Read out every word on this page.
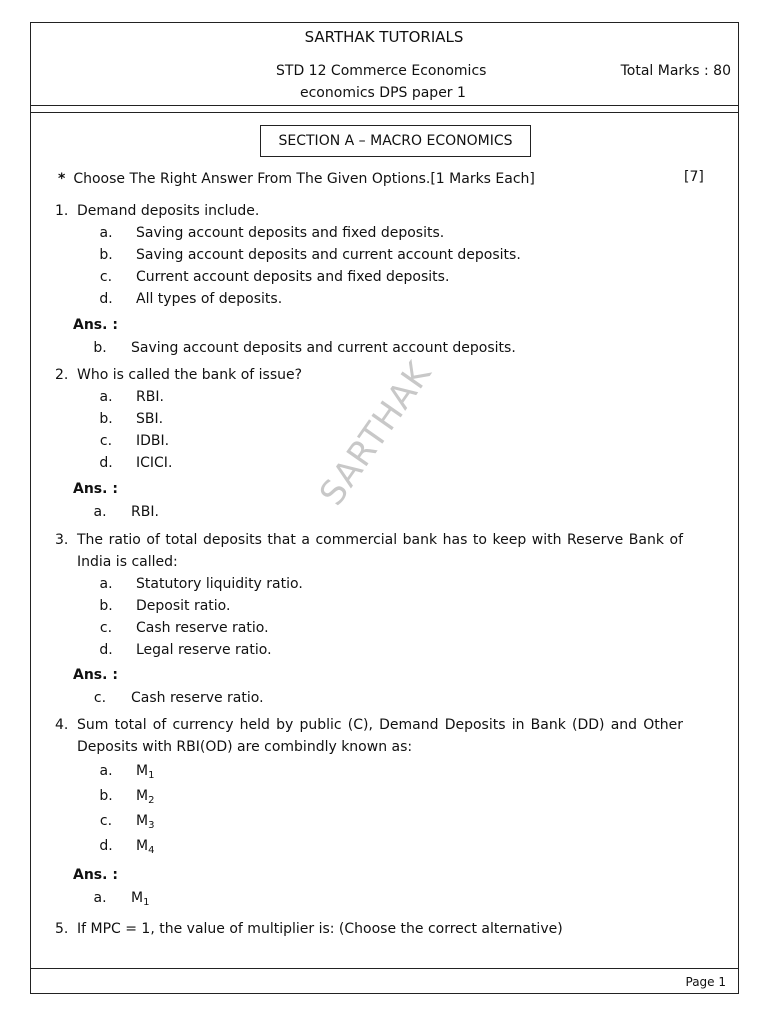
SARTHAK TUTORIALS
STD 12 Commerce Economics
economics DPS paper 1
Total Marks : 80
SECTION A – MACRO ECONOMICS
* Choose The Right Answer From The Given Options.[1 Marks Each]	[7]
1. Demand deposits include.
a. Saving account deposits and fixed deposits.
b. Saving account deposits and current account deposits.
c. Current account deposits and fixed deposits.
d. All types of deposits.
Ans. :
b. Saving account deposits and current account deposits.
2. Who is called the bank of issue?
a. RBI.
b. SBI.
c. IDBI.
d. ICICI.
Ans. :
a. RBI.
3. The ratio of total deposits that a commercial bank has to keep with Reserve Bank of India is called:
a. Statutory liquidity ratio.
b. Deposit ratio.
c. Cash reserve ratio.
d. Legal reserve ratio.
Ans. :
c. Cash reserve ratio.
4. Sum total of currency held by public (C), Demand Deposits in Bank (DD) and Other Deposits with RBI(OD) are combindly known as:
a. $M_1$
b. $M_2$
c. $M_3$
d. $M_4$
Ans. :
a. $M_1$
5. If MPC = 1, the value of multiplier is: (Choose the correct alternative)
SARTHAK
Page 1
